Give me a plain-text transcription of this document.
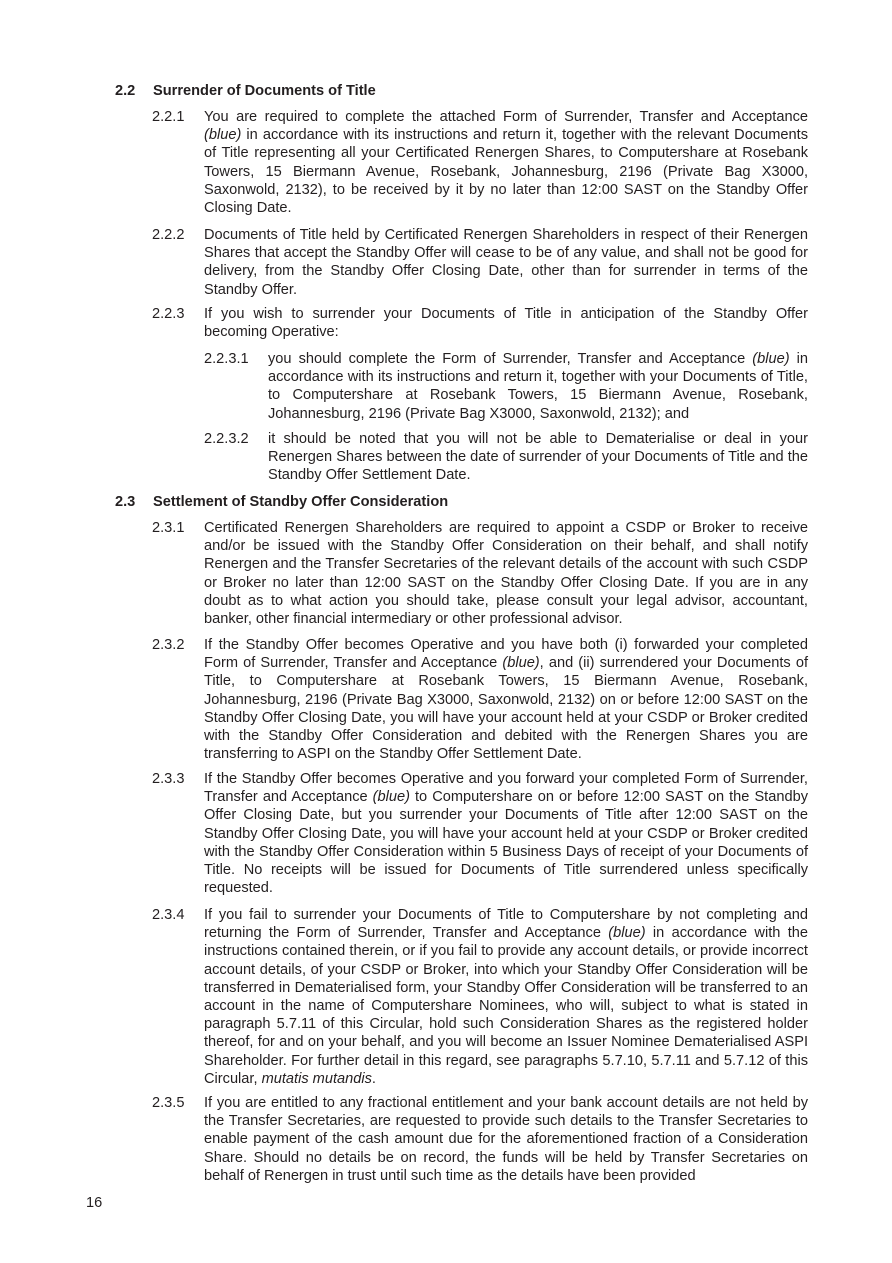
2.2 Surrender of Documents of Title
2.2.1 You are required to complete the attached Form of Surrender, Transfer and Acceptance (blue) in accordance with its instructions and return it, together with the relevant Documents of Title representing all your Certificated Renergen Shares, to Computershare at Rosebank Towers, 15 Biermann Avenue, Rosebank, Johannesburg, 2196 (Private Bag X3000, Saxonwold, 2132), to be received by it by no later than 12:00 SAST on the Standby Offer Closing Date.
2.2.2 Documents of Title held by Certificated Renergen Shareholders in respect of their Renergen Shares that accept the Standby Offer will cease to be of any value, and shall not be good for delivery, from the Standby Offer Closing Date, other than for surrender in terms of the Standby Offer.
2.2.3 If you wish to surrender your Documents of Title in anticipation of the Standby Offer becoming Operative:
2.2.3.1 you should complete the Form of Surrender, Transfer and Acceptance (blue) in accordance with its instructions and return it, together with your Documents of Title, to Computershare at Rosebank Towers, 15 Biermann Avenue, Rosebank, Johannesburg, 2196 (Private Bag X3000, Saxonwold, 2132); and
2.2.3.2 it should be noted that you will not be able to Dematerialise or deal in your Renergen Shares between the date of surrender of your Documents of Title and the Standby Offer Settlement Date.
2.3 Settlement of Standby Offer Consideration
2.3.1 Certificated Renergen Shareholders are required to appoint a CSDP or Broker to receive and/or be issued with the Standby Offer Consideration on their behalf, and shall notify Renergen and the Transfer Secretaries of the relevant details of the account with such CSDP or Broker no later than 12:00 SAST on the Standby Offer Closing Date. If you are in any doubt as to what action you should take, please consult your legal advisor, accountant, banker, other financial intermediary or other professional advisor.
2.3.2 If the Standby Offer becomes Operative and you have both (i) forwarded your completed Form of Surrender, Transfer and Acceptance (blue), and (ii) surrendered your Documents of Title, to Computershare at Rosebank Towers, 15 Biermann Avenue, Rosebank, Johannesburg, 2196 (Private Bag X3000, Saxonwold, 2132) on or before 12:00 SAST on the Standby Offer Closing Date, you will have your account held at your CSDP or Broker credited with the Standby Offer Consideration and debited with the Renergen Shares you are transferring to ASPI on the Standby Offer Settlement Date.
2.3.3 If the Standby Offer becomes Operative and you forward your completed Form of Surrender, Transfer and Acceptance (blue) to Computershare on or before 12:00 SAST on the Standby Offer Closing Date, but you surrender your Documents of Title after 12:00 SAST on the Standby Offer Closing Date, you will have your account held at your CSDP or Broker credited with the Standby Offer Consideration within 5 Business Days of receipt of your Documents of Title. No receipts will be issued for Documents of Title surrendered unless specifically requested.
2.3.4 If you fail to surrender your Documents of Title to Computershare by not completing and returning the Form of Surrender, Transfer and Acceptance (blue) in accordance with the instructions contained therein, or if you fail to provide any account details, or provide incorrect account details, of your CSDP or Broker, into which your Standby Offer Consideration will be transferred in Dematerialised form, your Standby Offer Consideration will be transferred to an account in the name of Computershare Nominees, who will, subject to what is stated in paragraph 5.7.11 of this Circular, hold such Consideration Shares as the registered holder thereof, for and on your behalf, and you will become an Issuer Nominee Dematerialised ASPI Shareholder. For further detail in this regard, see paragraphs 5.7.10, 5.7.11 and 5.7.12 of this Circular, mutatis mutandis.
2.3.5 If you are entitled to any fractional entitlement and your bank account details are not held by the Transfer Secretaries, are requested to provide such details to the Transfer Secretaries to enable payment of the cash amount due for the aforementioned fraction of a Consideration Share. Should no details be on record, the funds will be held by Transfer Secretaries on behalf of Renergen in trust until such time as the details have been provided
16
